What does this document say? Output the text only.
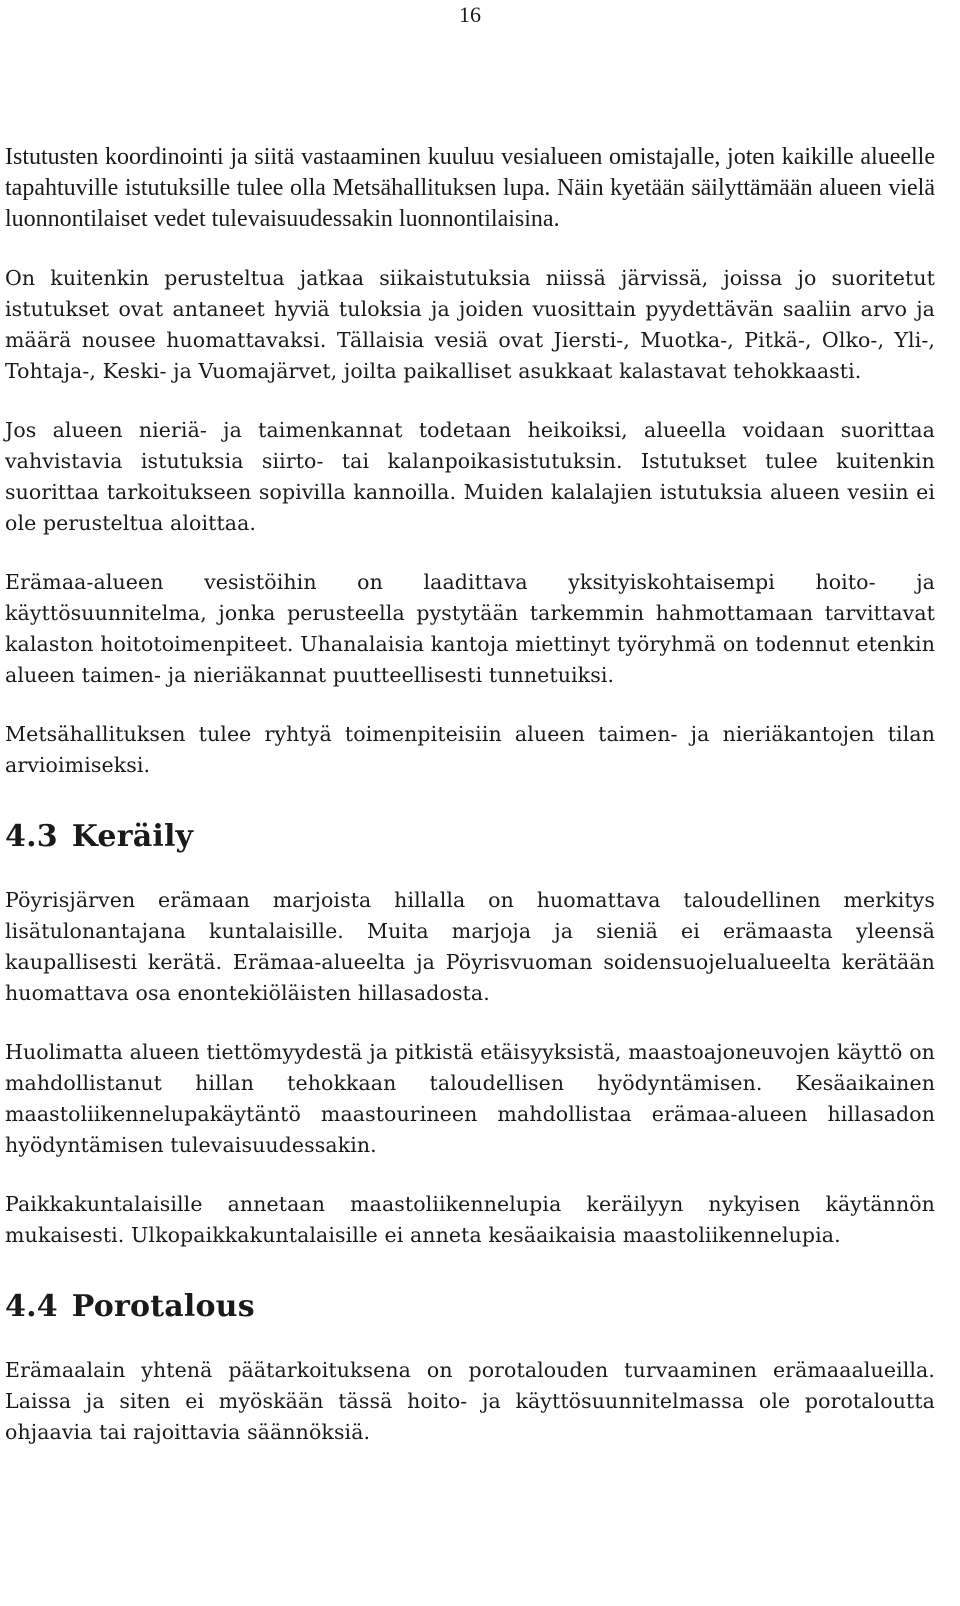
16

Istutusten koordinointi ja siitä vastaaminen kuuluu vesialueen omistajalle, joten kaikille alueelle tapahtuville istutuksille tulee olla Metsähallituksen lupa. Näin kyetään säilyttämään alueen vielä luonnontilaiset vedet tulevaisuudessakin luonnontilaisina.

On kuitenkin perusteltua jatkaa siikaistutuksia niissä järvissä, joissa jo suoritetut istutukset ovat antaneet hyviä tuloksia ja joiden vuosittain pyydettävän saaliin arvo ja määrä nousee huomattavaksi. Tällaisia vesiä ovat Jiersti-, Muotka-, Pitkä-, Olko-, Yli-, Tohtaja-, Keski- ja Vuomajärvet, joilta paikalliset asukkaat kalastavat tehokkaasti.

Jos alueen nieriä- ja taimenkannat todetaan heikoiksi, alueella voidaan suorittaa vahvistavia istutuksia siirto- tai kalanpoikasistutuksin. Istutukset tulee kuitenkin suorittaa tarkoitukseen sopivilla kannoilla. Muiden kalalajien istutuksia alueen vesiin ei ole perusteltua aloittaa.

Erämaa-alueen vesistöihin on laadittava yksityiskohtaisempi hoito- ja käyttösuunnitelma, jonka perusteella pystytään tarkemmin hahmottamaan tarvittavat kalaston hoitotoimenpiteet. Uhanalaisia kantoja miettinyt työryhmä on todennut etenkin alueen taimen- ja nieriäkannat puutteellisesti tunnetuiksi.

Metsähallituksen tulee ryhtyä toimenpiteisiin alueen taimen- ja nieriäkantojen tilan arvioimiseksi.

4.3 Keräily

Pöyrisjärven erämaan marjoista hillalla on huomattava taloudellinen merkitys lisätulonantajana kuntalaisille. Muita marjoja ja sieniä ei erämaasta yleensä kaupallisesti kerätä. Erämaa-alueelta ja Pöyrisvuoman soidensuojelualueelta kerätään huomattava osa enontekiöläisten hillasadosta.

Huolimatta alueen tiettömyydestä ja pitkistä etäisyyksistä, maastoajoneuvojen käyttö on mahdollistanut hillan tehokkaan taloudellisen hyödyntämisen. Kesäaikainen maastoliikennelupakäytäntö maastourineen mahdollistaa erämaa-alueen hillasadon hyödyntämisen tulevaisuudessakin.

Paikkakuntalaisille annetaan maastoliikennelupia keräilyyn nykyisen käytännön mukaisesti. Ulkopaikkakuntalaisille ei anneta kesäaikaisia maastoliikennelupia.

4.4 Porotalous

Erämaalain yhtenä päätarkoituksena on porotalouden turvaaminen erämaaalueilla. Laissa ja siten ei myöskään tässä hoito- ja käyttösuunnitelmassa ole porotaloutta ohjaavia tai rajoittavia säännöksiä.
